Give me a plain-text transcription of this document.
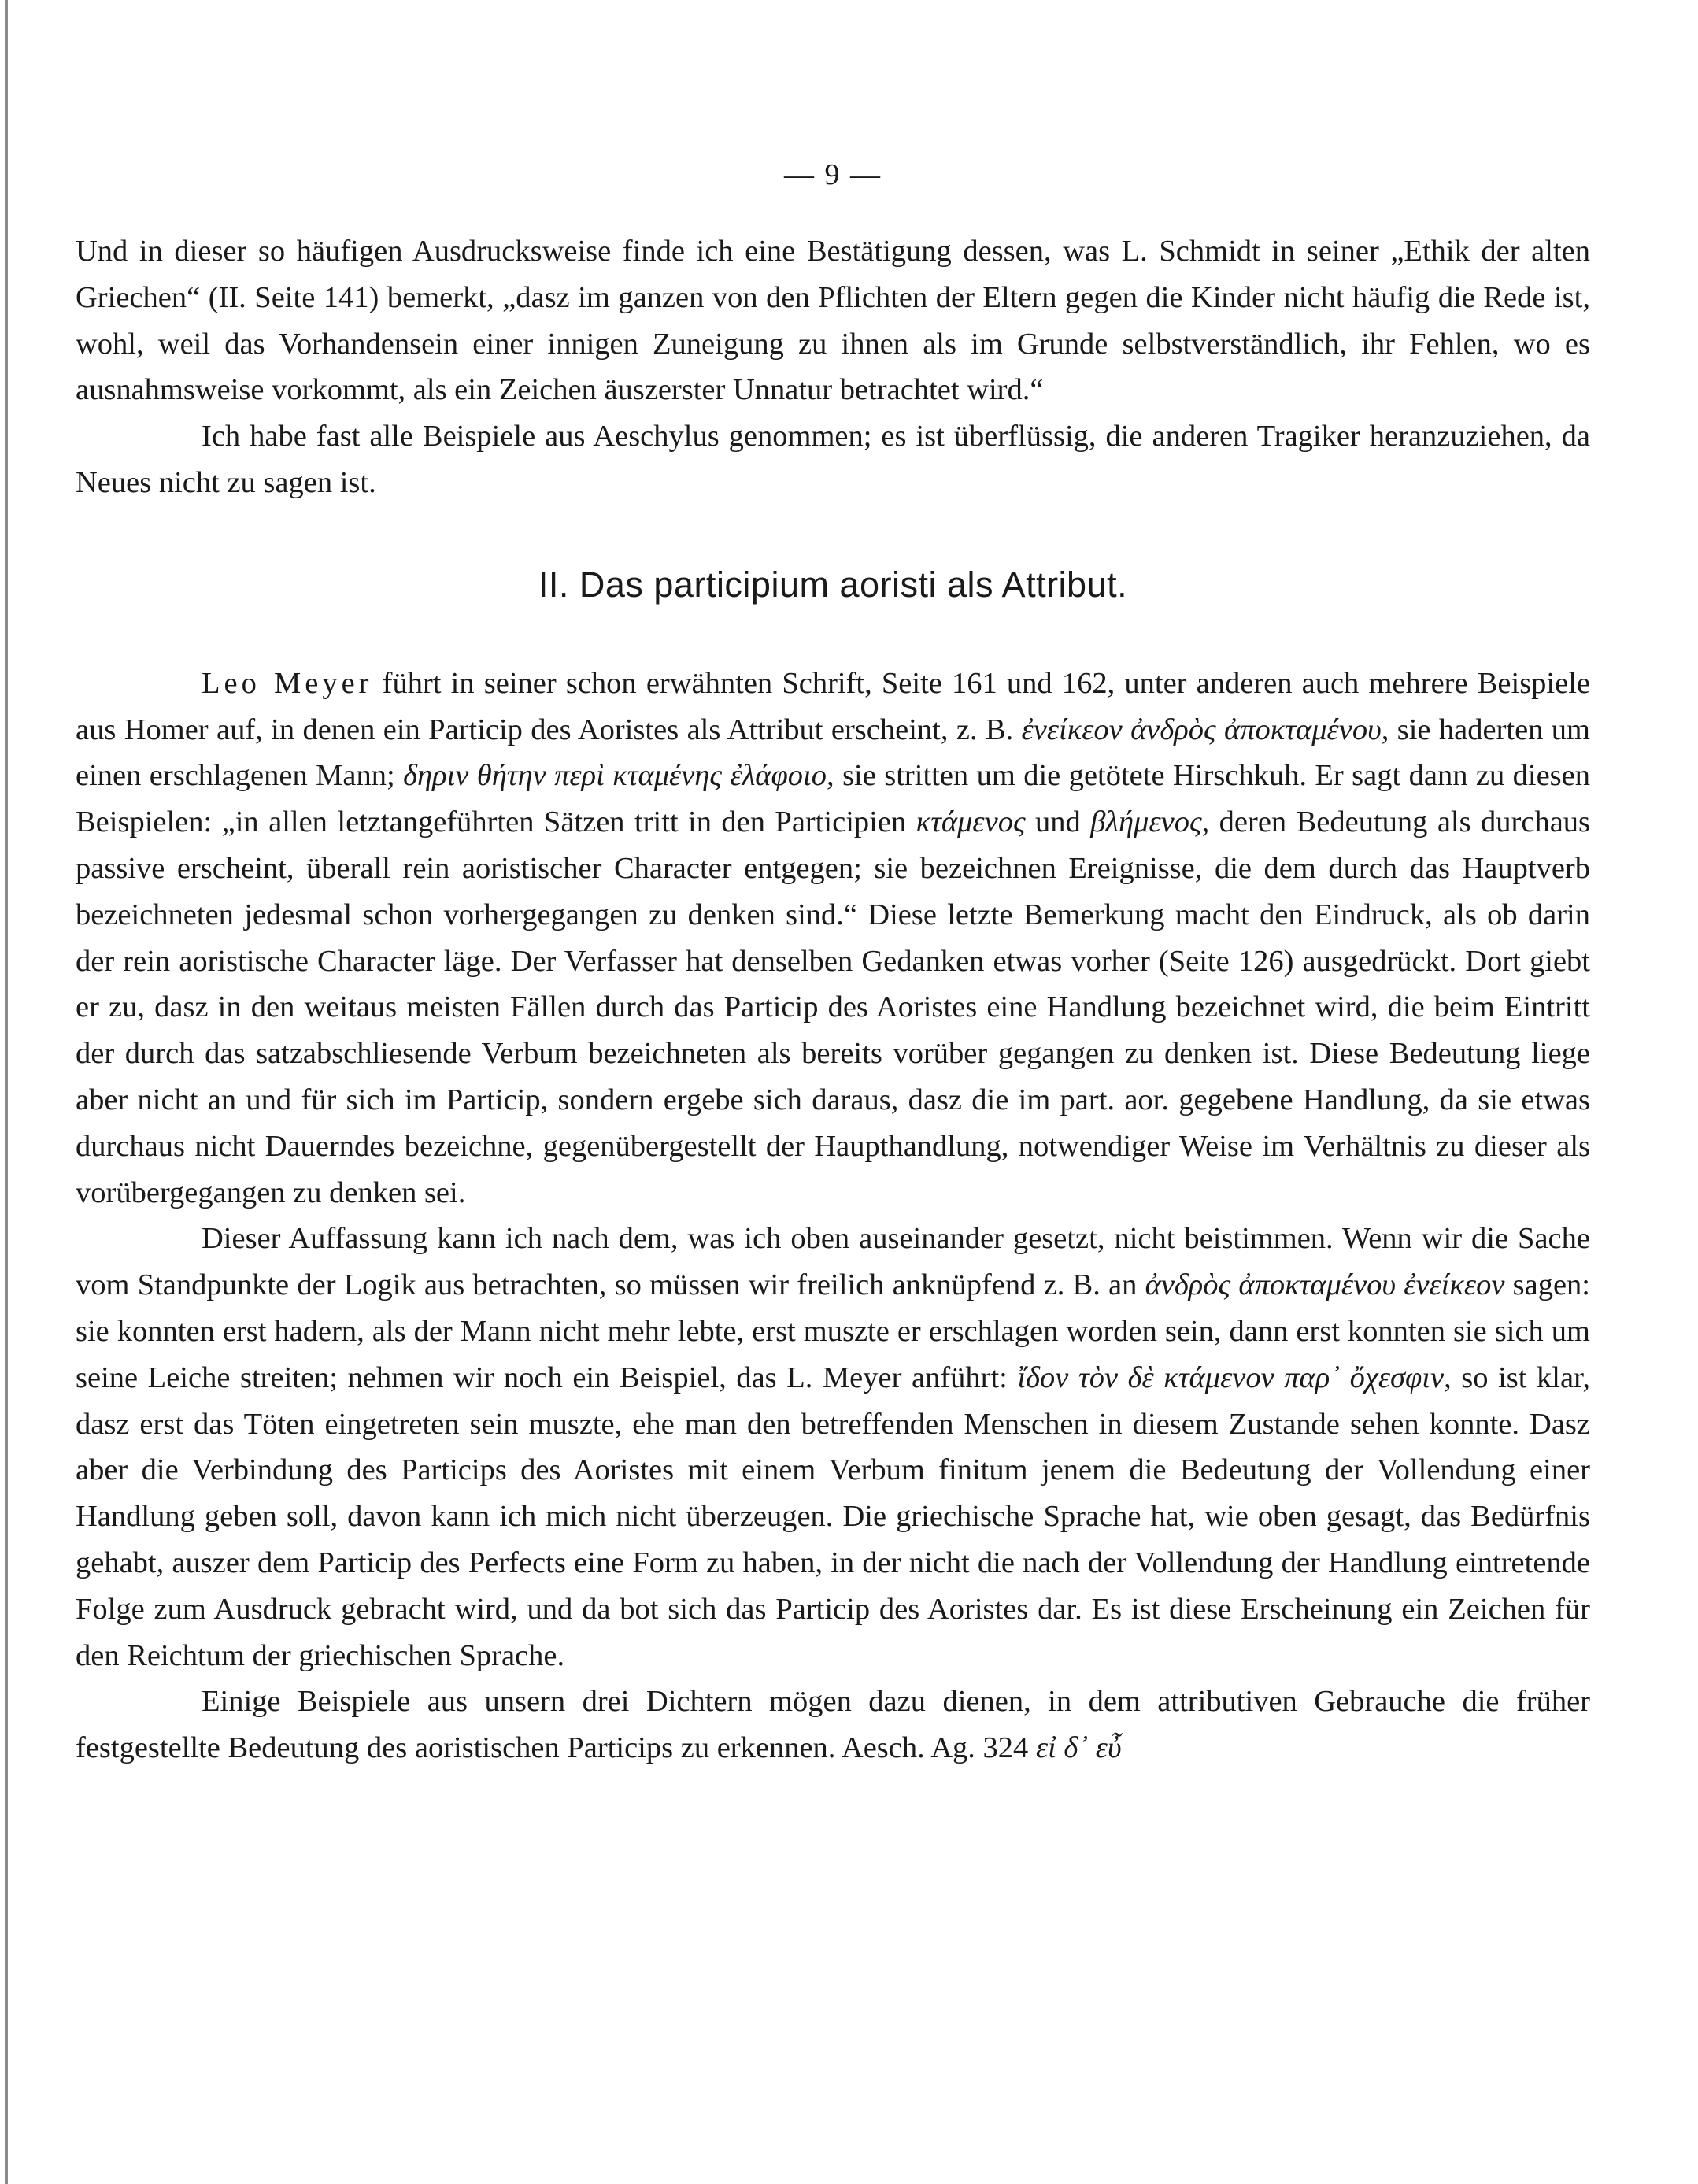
— 9 —

Und in dieser so häufigen Ausdrucksweise finde ich eine Bestätigung dessen, was L. Schmidt in seiner „Ethik der alten Griechen“ (II. Seite 141) bemerkt, „dasz im ganzen von den Pflichten der Eltern gegen die Kinder nicht häufig die Rede ist, wohl, weil das Vorhandensein einer innigen Zuneigung zu ihnen als im Grunde selbstverständlich, ihr Fehlen, wo es ausnahmsweise vorkommt, als ein Zeichen äuszerster Unnatur betrachtet wird.“

Ich habe fast alle Beispiele aus Aeschylus genommen; es ist überflüssig, die anderen Tragiker heranzuziehen, da Neues nicht zu sagen ist.

II. Das participium aoristi als Attribut.

Leo Meyer führt in seiner schon erwähnten Schrift, Seite 161 und 162, unter anderen auch mehrere Beispiele aus Homer auf, in denen ein Particip des Aoristes als Attribut erscheint, z. B. ἐνείκεον ἀνδρὸς ἀποκταμένου, sie haderten um einen erschlagenen Mann; δηριν θήτην περὶ κταμένης ἐλάφοιο, sie stritten um die getötete Hirschkuh. Er sagt dann zu diesen Beispielen: „in allen letztangeführten Sätzen tritt in den Participien κτάμενος und βλήμενος, deren Bedeutung als durchaus passive erscheint, überall rein aoristischer Character entgegen; sie bezeichnen Ereignisse, die dem durch das Hauptverb bezeichneten jedesmal schon vorhergegangen zu denken sind.“ Diese letzte Bemerkung macht den Eindruck, als ob darin der rein aoristische Character läge. Der Verfasser hat denselben Gedanken etwas vorher (Seite 126) ausgedrückt. Dort giebt er zu, dasz in den weitaus meisten Fällen durch das Particip des Aoristes eine Handlung bezeichnet wird, die beim Eintritt der durch das satzabschliesende Verbum bezeichneten als bereits vorüber gegangen zu denken ist. Diese Bedeutung liege aber nicht an und für sich im Particip, sondern ergebe sich daraus, dasz die im part. aor. gegebene Handlung, da sie etwas durchaus nicht Dauerndes bezeichne, gegenübergestellt der Haupthandlung, notwendiger Weise im Verhältnis zu dieser als vorübergegangen zu denken sei.

Dieser Auffassung kann ich nach dem, was ich oben auseinander gesetzt, nicht beistimmen. Wenn wir die Sache vom Standpunkte der Logik aus betrachten, so müssen wir freilich anknüpfend z. B. an ἀνδρὸς ἀποκταμένου ἐνείκεον sagen: sie konnten erst hadern, als der Mann nicht mehr lebte, erst muszte er erschlagen worden sein, dann erst konnten sie sich um seine Leiche streiten; nehmen wir noch ein Beispiel, das L. Meyer anführt: ἴδον τὸν δὲ κτάμενον παρ᾽ ὄχεσφιν, so ist klar, dasz erst das Töten eingetreten sein muszte, ehe man den betreffenden Menschen in diesem Zustande sehen konnte. Dasz aber die Verbindung des Particips des Aoristes mit einem Verbum finitum jenem die Bedeutung der Vollendung einer Handlung geben soll, davon kann ich mich nicht überzeugen. Die griechische Sprache hat, wie oben gesagt, das Bedürfnis gehabt, auszer dem Particip des Perfects eine Form zu haben, in der nicht die nach der Vollendung der Handlung eintretende Folge zum Ausdruck gebracht wird, und da bot sich das Particip des Aoristes dar. Es ist diese Erscheinung ein Zeichen für den Reichtum der griechischen Sprache.

Einige Beispiele aus unsern drei Dichtern mögen dazu dienen, in dem attributiven Gebrauche die früher festgestellte Bedeutung des aoristischen Particips zu erkennen. Aesch. Ag. 324 εἰ δ᾽ εὖ
